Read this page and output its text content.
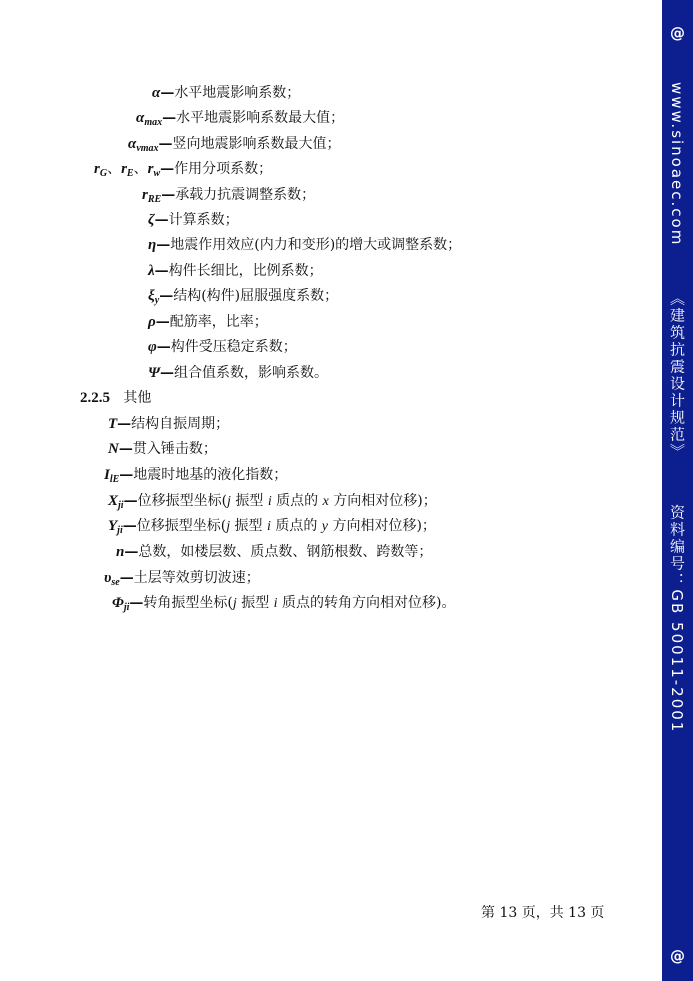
α—水平地震影响系数；
$\alpha_{max}—$水平地震影响系数最大值；
$\alpha_{vmax}—$竖向地震影响系数最大值；
$r_G$、$r_E$、$r_w—$作用分项系数；
$r_{RE}—$承载力抗震调整系数；
ζ—计算系数；
η—地震作用效应(内力和变形)的增大或调整系数；
λ—构件长细比，比例系数；
$\xi_y—$结构(构件)屈服强度系数；
ρ—配筋率，比率；
φ—构件受压稳定系数；
Ψ—组合值系数，影响系数。
2.2.5 其他
T—结构自振周期；
N—贯入锤击数；
$I_{lE}—$地震时地基的液化指数；
$X_{ji}—$位移振型坐标(j 振型 i 质点的 x 方向相对位移)；
$Y_{ji}—$位移振型坐标(j 振型 i 质点的 y 方向相对位移)；
n—总数，如楼层数、质点数、钢筋根数、跨数等；
$\upsilon_{se}—$土层等效剪切波速；
$\Phi_{ji}—$转角振型坐标(j 振型 i 质点的转角方向相对位移)。
第 13 页，共 13 页
@
www.sinoaec.com《建筑抗震设计规范》资料编号：GB 50011-2001
@
